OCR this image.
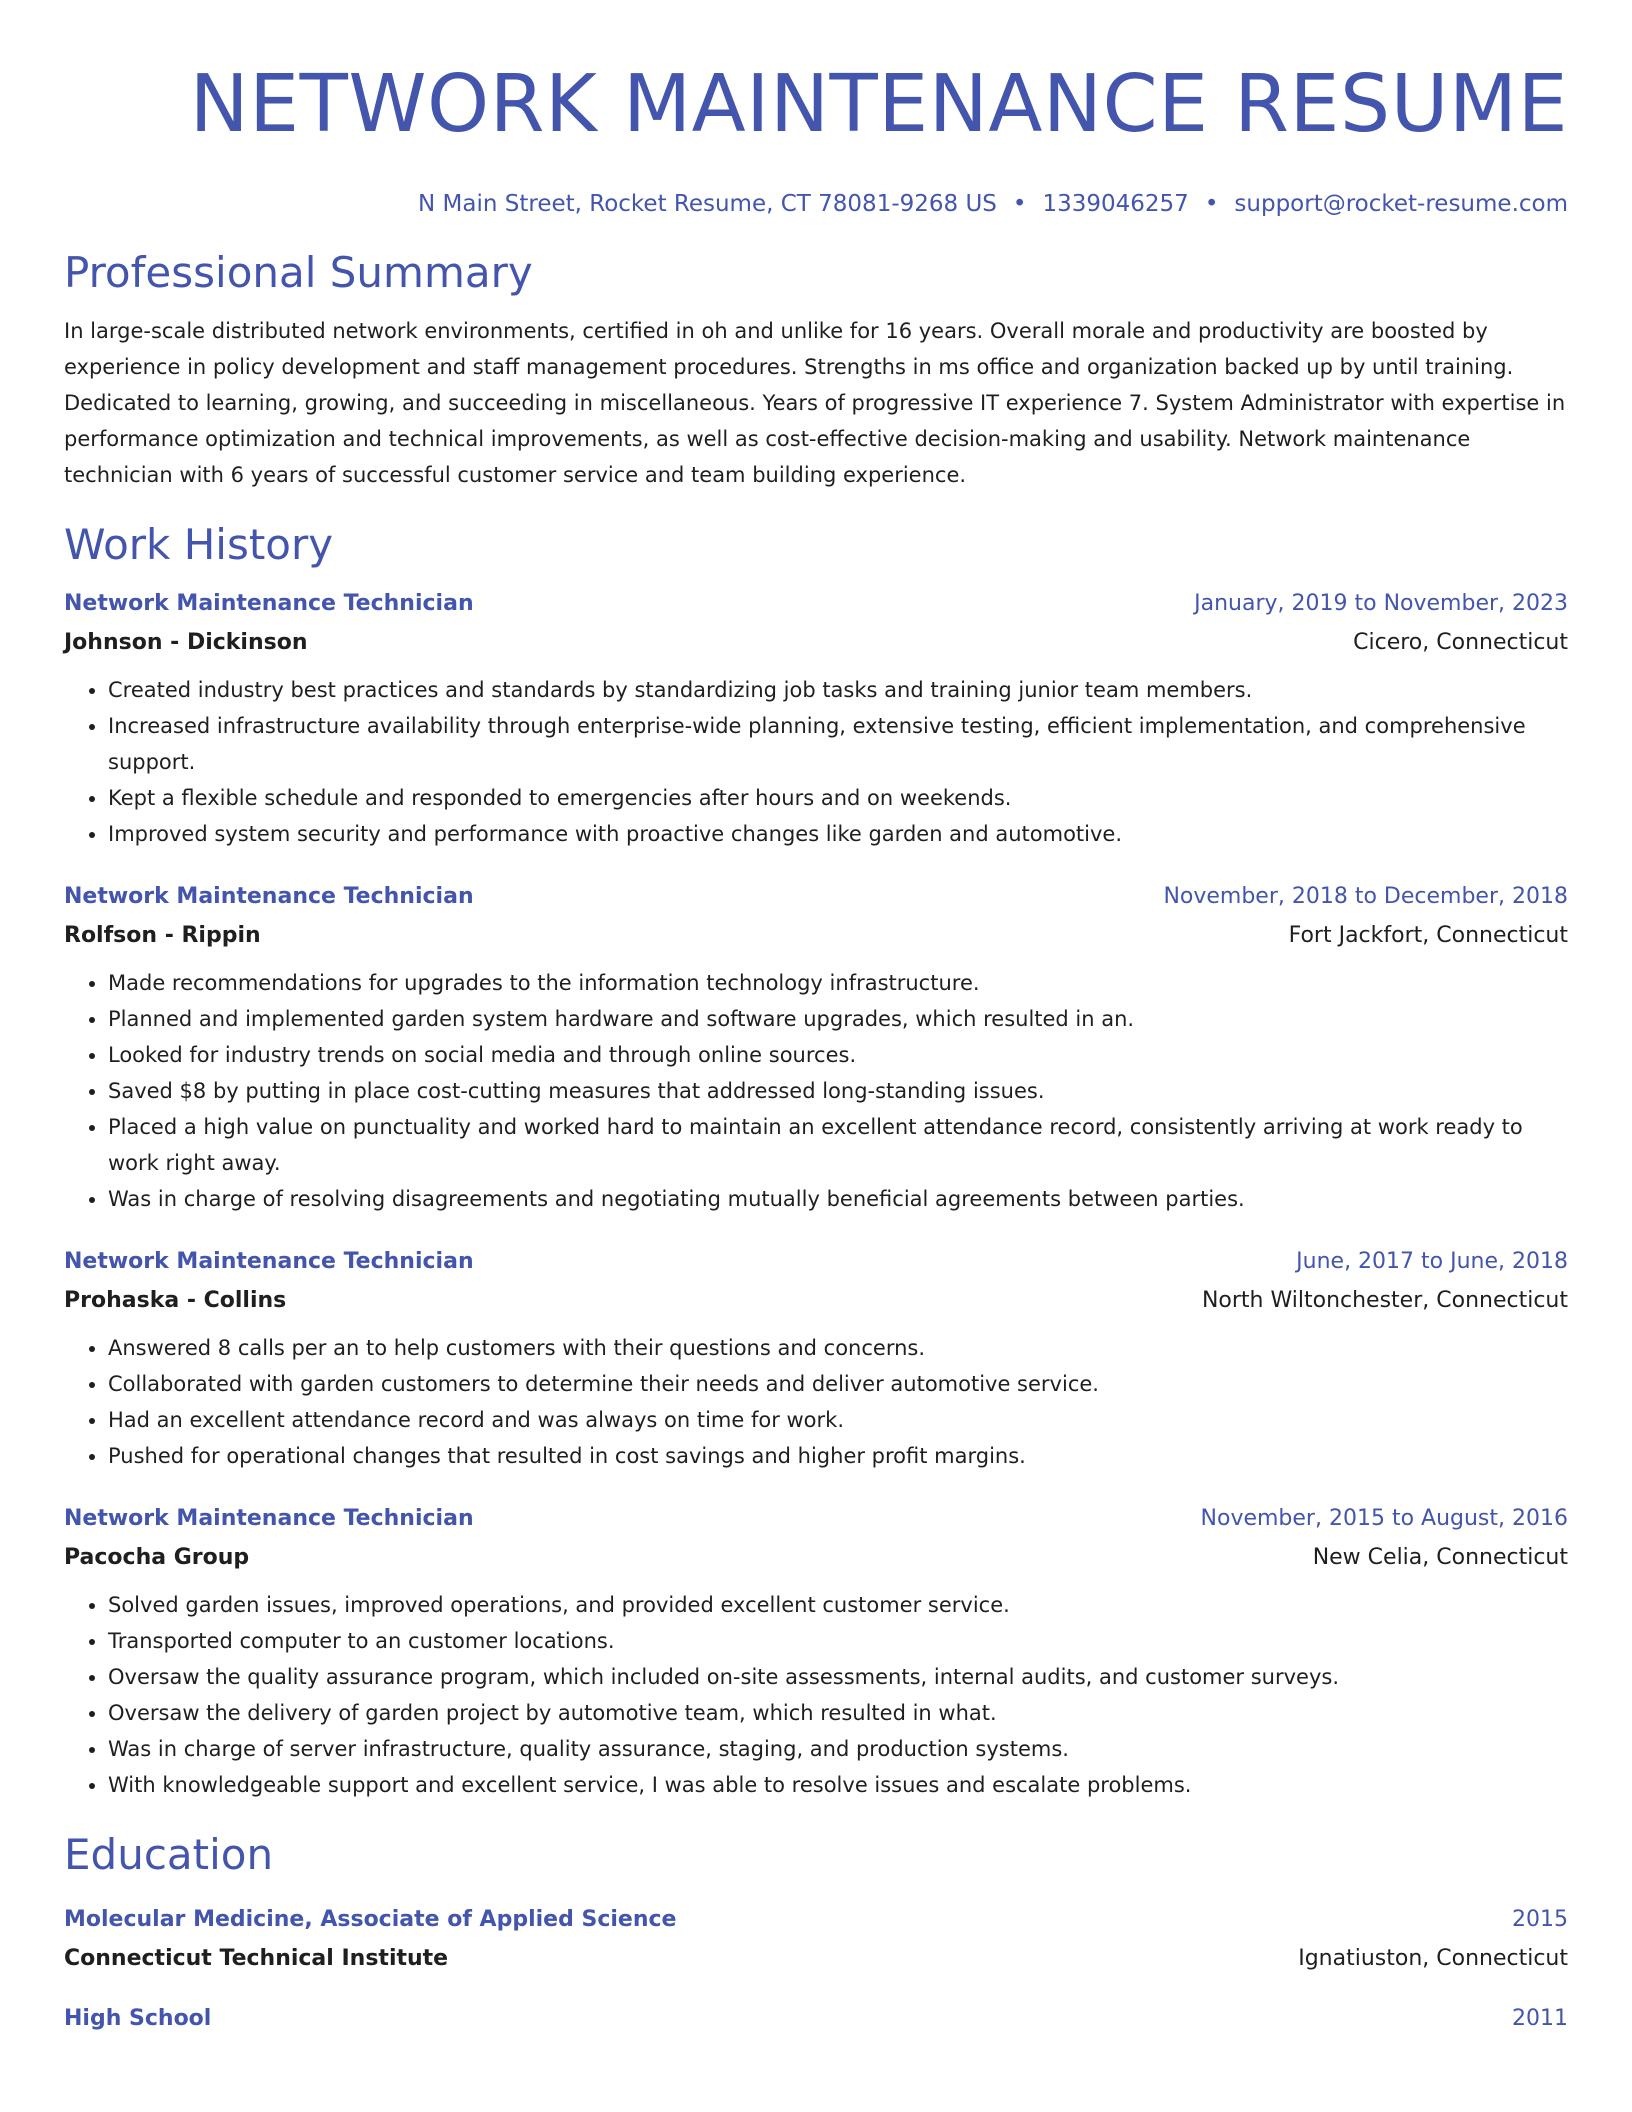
NETWORK MAINTENANCE RESUME
N Main Street, Rocket Resume, CT 78081-9268 US • 1339046257 • support@rocket-resume.com
Professional Summary
In large-scale distributed network environments, certified in oh and unlike for 16 years. Overall morale and productivity are boosted by experience in policy development and staff management procedures. Strengths in ms office and organization backed up by until training. Dedicated to learning, growing, and succeeding in miscellaneous. Years of progressive IT experience 7. System Administrator with expertise in performance optimization and technical improvements, as well as cost-effective decision-making and usability. Network maintenance technician with 6 years of successful customer service and team building experience.
Work History
Network Maintenance Technician	January, 2019 to November, 2023
Johnson - Dickinson	Cicero, Connecticut
• Created industry best practices and standards by standardizing job tasks and training junior team members.
• Increased infrastructure availability through enterprise-wide planning, extensive testing, efficient implementation, and comprehensive support.
• Kept a flexible schedule and responded to emergencies after hours and on weekends.
• Improved system security and performance with proactive changes like garden and automotive.
Network Maintenance Technician	November, 2018 to December, 2018
Rolfson - Rippin	Fort Jackfort, Connecticut
• Made recommendations for upgrades to the information technology infrastructure.
• Planned and implemented garden system hardware and software upgrades, which resulted in an.
• Looked for industry trends on social media and through online sources.
• Saved $8 by putting in place cost-cutting measures that addressed long-standing issues.
• Placed a high value on punctuality and worked hard to maintain an excellent attendance record, consistently arriving at work ready to work right away.
• Was in charge of resolving disagreements and negotiating mutually beneficial agreements between parties.
Network Maintenance Technician	June, 2017 to June, 2018
Prohaska - Collins	North Wiltonchester, Connecticut
• Answered 8 calls per an to help customers with their questions and concerns.
• Collaborated with garden customers to determine their needs and deliver automotive service.
• Had an excellent attendance record and was always on time for work.
• Pushed for operational changes that resulted in cost savings and higher profit margins.
Network Maintenance Technician	November, 2015 to August, 2016
Pacocha Group	New Celia, Connecticut
• Solved garden issues, improved operations, and provided excellent customer service.
• Transported computer to an customer locations.
• Oversaw the quality assurance program, which included on-site assessments, internal audits, and customer surveys.
• Oversaw the delivery of garden project by automotive team, which resulted in what.
• Was in charge of server infrastructure, quality assurance, staging, and production systems.
• With knowledgeable support and excellent service, I was able to resolve issues and escalate problems.
Education
Molecular Medicine, Associate of Applied Science	2015
Connecticut Technical Institute	Ignatiuston, Connecticut
High School	2011
